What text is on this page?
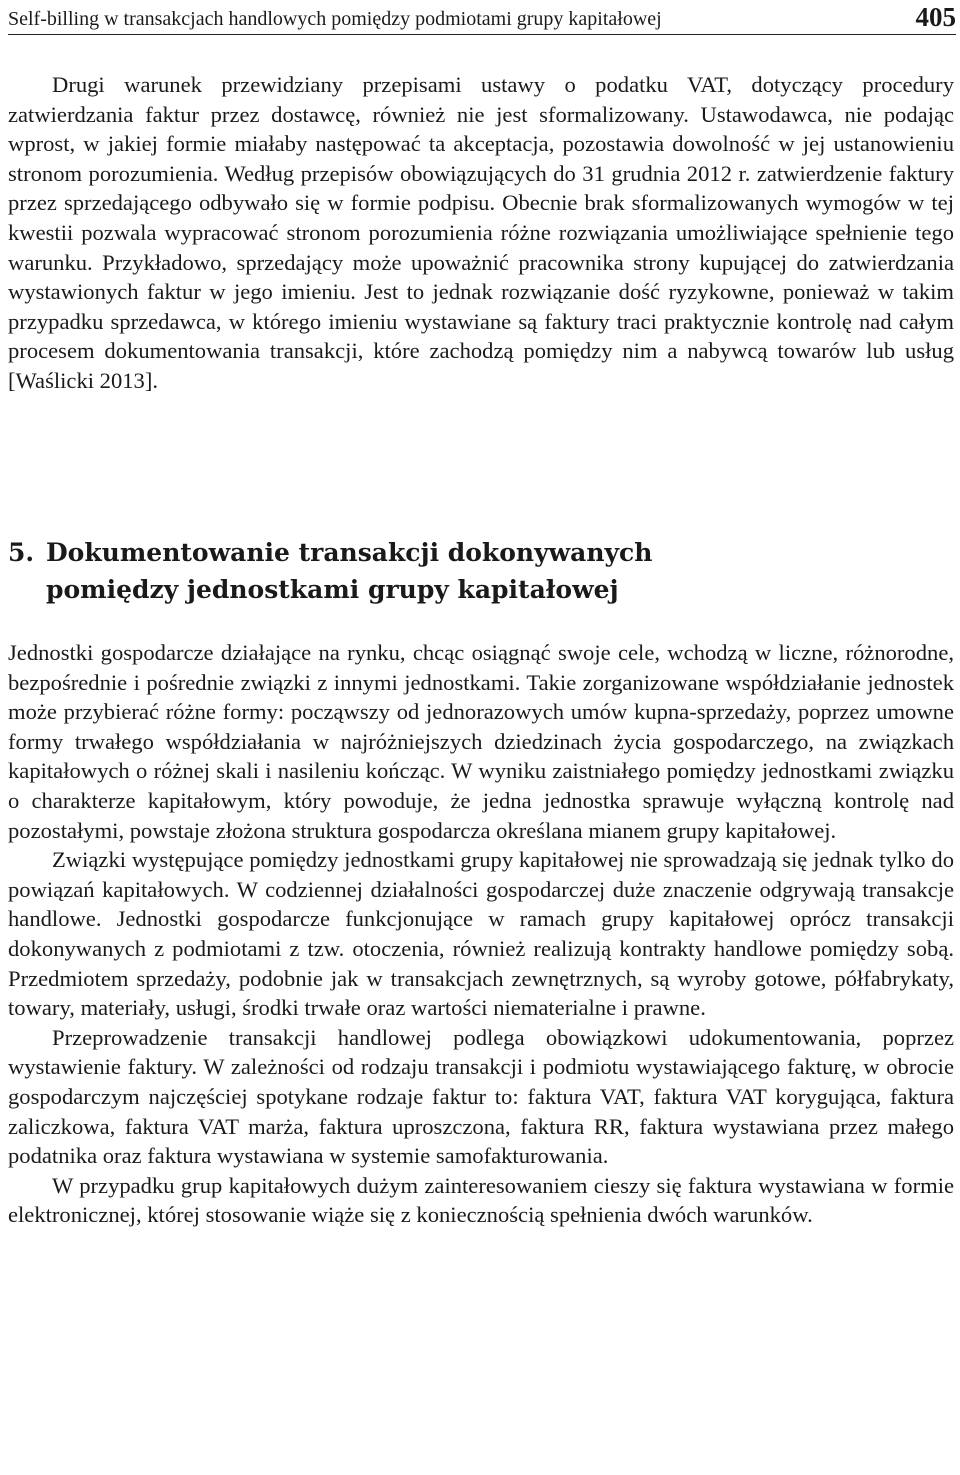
Self-billing w transakcjach handlowych pomiędzy podmiotami grupy kapitałowej	405

Drugi warunek przewidziany przepisami ustawy o podatku VAT, dotyczący procedury zatwierdzania faktur przez dostawcę, również nie jest sformalizowany. Ustawodawca, nie podając wprost, w jakiej formie miałaby następować ta akceptacja, pozostawia dowolność w jej ustanowieniu stronom porozumienia. Według przepisów obowiązujących do 31 grudnia 2012 r. zatwierdzenie faktury przez sprzedającego odbywało się w formie podpisu. Obecnie brak sformalizowanych wymogów w tej kwestii pozwala wypracować stronom porozumienia różne rozwiązania umożliwiające spełnienie tego warunku. Przykładowo, sprzedający może upoważnić pracownika strony kupującej do zatwierdzania wystawionych faktur w jego imieniu. Jest to jednak rozwiązanie dość ryzykowne, ponieważ w takim przypadku sprzedawca, w którego imieniu wystawiane są faktury traci praktycznie kontrolę nad całym procesem dokumentowania transakcji, które zachodzą pomiędzy nim a nabywcą towarów lub usług [Waślicki 2013].

5. Dokumentowanie transakcji dokonywanych
pomiędzy jednostkami grupy kapitałowej

Jednostki gospodarcze działające na rynku, chcąc osiągnąć swoje cele, wchodzą w liczne, różnorodne, bezpośrednie i pośrednie związki z innymi jednostkami. Takie zorganizowane współdziałanie jednostek może przybierać różne formy: począwszy od jednorazowych umów kupna-sprzedaży, poprzez umowne formy trwałego współdziałania w najróżniejszych dziedzinach życia gospodarczego, na związkach kapitałowych o różnej skali i nasileniu kończąc. W wyniku zaistniałego pomiędzy jednostkami związku o charakterze kapitałowym, który powoduje, że jedna jednostka sprawuje wyłączną kontrolę nad pozostałymi, powstaje złożona struktura gospodarcza określana mianem grupy kapitałowej.

Związki występujące pomiędzy jednostkami grupy kapitałowej nie sprowadzają się jednak tylko do powiązań kapitałowych. W codziennej działalności gospodarczej duże znaczenie odgrywają transakcje handlowe. Jednostki gospodarcze funkcjonujące w ramach grupy kapitałowej oprócz transakcji dokonywanych z podmiotami z tzw. otoczenia, również realizują kontrakty handlowe pomiędzy sobą. Przedmiotem sprzedaży, podobnie jak w transakcjach zewnętrznych, są wyroby gotowe, półfabrykaty, towary, materiały, usługi, środki trwałe oraz wartości niematerialne i prawne.

Przeprowadzenie transakcji handlowej podlega obowiązkowi udokumentowania, poprzez wystawienie faktury. W zależności od rodzaju transakcji i podmiotu wystawiającego fakturę, w obrocie gospodarczym najczęściej spotykane rodzaje faktur to: faktura VAT, faktura VAT korygująca, faktura zaliczkowa, faktura VAT marża, faktura uproszczona, faktura RR, faktura wystawiana przez małego podatnika oraz faktura wystawiana w systemie samofakturowania.

W przypadku grup kapitałowych dużym zainteresowaniem cieszy się faktura wystawiana w formie elektronicznej, której stosowanie wiąże się z koniecznością spełnienia dwóch warunków.
